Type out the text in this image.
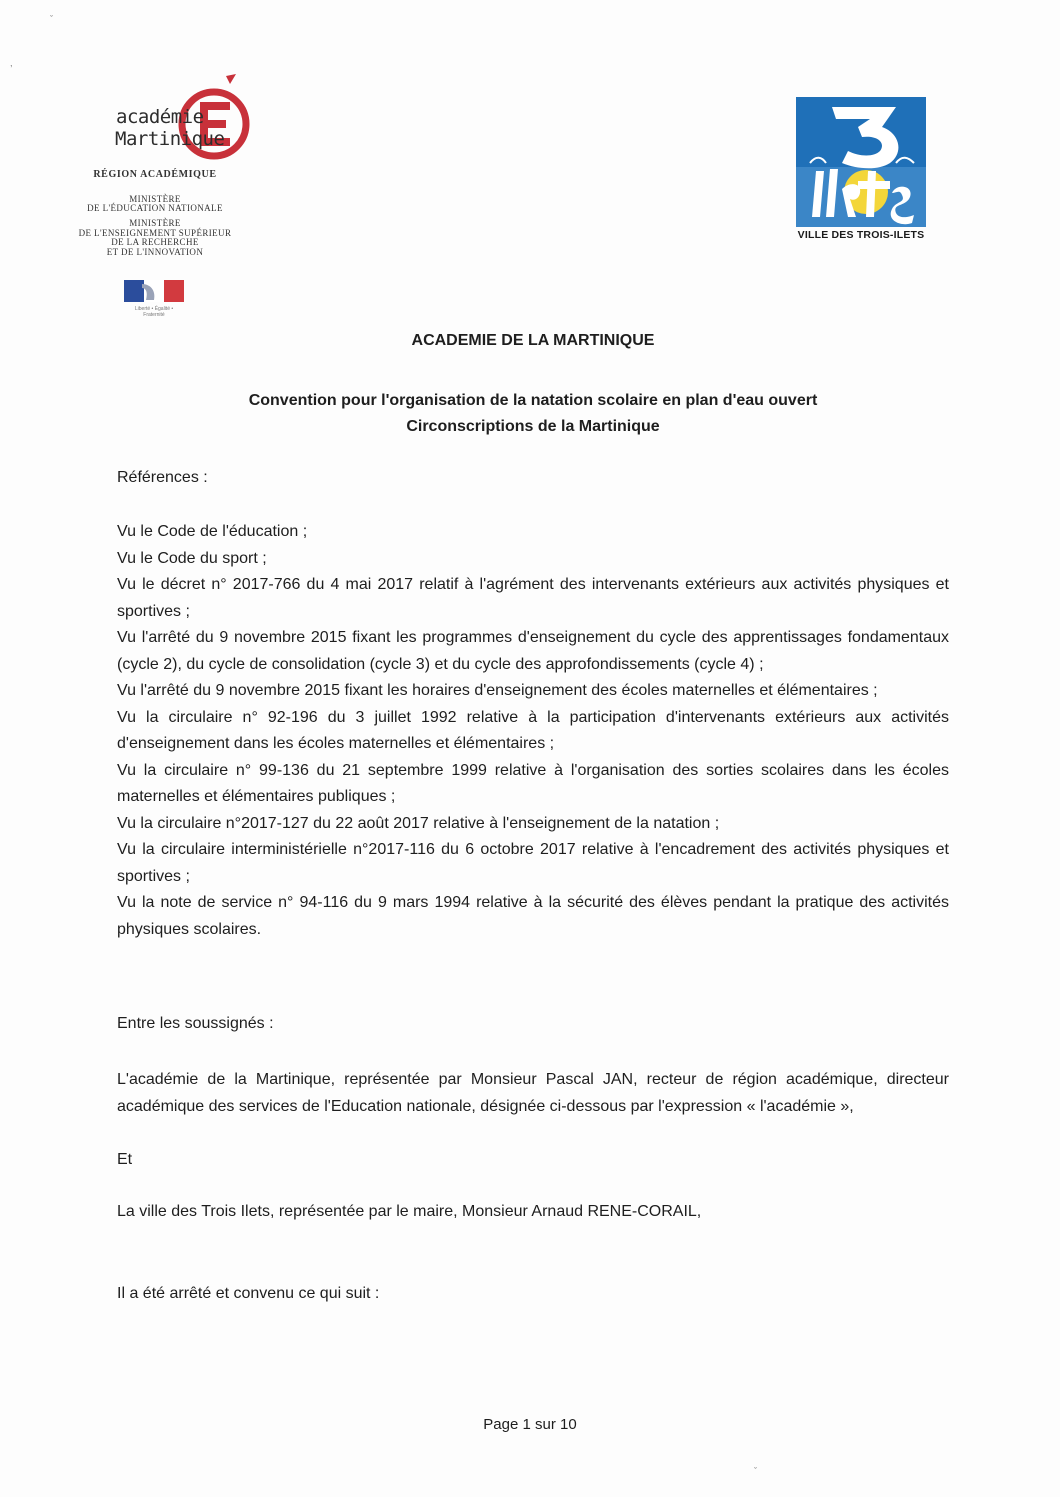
ˇ
,
ˇ
académie
Martinique
RÉGION ACADÉMIQUE
MINISTÈRE
DE L'ÉDUCATION NATIONALE
MINISTÈRE
DE L'ENSEIGNEMENT SUPÉRIEUR
DE LA RECHERCHE
ET DE L'INNOVATION
Liberté • Égalité • Fraternité
VILLE DES TROIS-ILETS
ACADEMIE DE LA MARTINIQUE
Convention pour l'organisation de la natation scolaire en plan d'eau ouvert
Circonscriptions de la Martinique
Références :

Vu le Code de l'éducation ;

Vu le Code du sport ;

Vu le décret n° 2017-766 du 4 mai 2017 relatif à l'agrément des intervenants extérieurs aux activités physiques et sportives ;

Vu l'arrêté du 9 novembre 2015 fixant les programmes d'enseignement du cycle des apprentissages fondamentaux (cycle 2), du cycle de consolidation (cycle 3) et du cycle des approfondissements (cycle 4) ;

Vu l'arrêté du 9 novembre 2015 fixant les horaires d'enseignement des écoles maternelles et élémentaires ;

Vu la circulaire n° 92-196 du 3 juillet 1992 relative à la participation d'intervenants extérieurs aux activités d'enseignement dans les écoles maternelles et élémentaires ;

Vu la circulaire n° 99-136 du 21 septembre 1999 relative à l'organisation des sorties scolaires dans les écoles maternelles et élémentaires publiques ;

Vu la circulaire n°2017-127 du 22 août 2017 relative à l'enseignement de la natation ;

Vu la circulaire interministérielle n°2017-116 du 6 octobre 2017 relative à l'encadrement des activités physiques et sportives ;

Vu la note de service n° 94-116 du 9 mars 1994 relative à la sécurité des élèves pendant la pratique des activités physiques scolaires.

Entre les soussignés :

L'académie de la Martinique, représentée par Monsieur Pascal JAN, recteur de région académique, directeur académique des services de l'Education nationale, désignée ci-dessous par l'expression « l'académie »,

Et
La ville des Trois Ilets, représentée par le maire, Monsieur Arnaud RENE-CORAIL,
Il a été arrêté et convenu ce qui suit :
Page 1 sur 10
